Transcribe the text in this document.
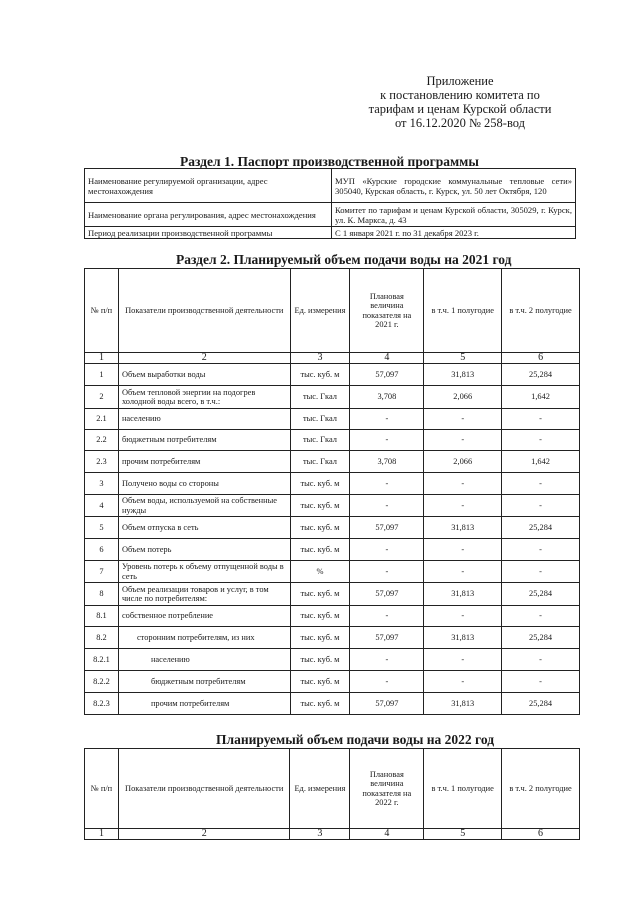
Приложение
к постановлению комитета по
тарифам и ценам Курской области
от 16.12.2020 № 258-вод
Раздел 1. Паспорт производственной программы
Наименование регулируемой организации, адрес местонахождения	МУП «Курские городские коммунальные тепловые сети» 305040, Курская область, г. Курск, ул. 50 лет Октября, 120
Наименование органа регулирования, адрес местонахождения	Комитет по тарифам и ценам Курской области, 305029, г. Курск, ул. К. Маркса, д. 43
Период реализации производственной программы	С 1 января 2021 г. по 31 декабря 2023 г.
Раздел 2. Планируемый объем подачи воды на 2021 год
№ п/п	Показатели производственной деятельности	Ед. измерения	Плановая величина показателя на 2021 г.	в т.ч. 1 полугодие	в т.ч. 2 полугодие
1	2	3	4	5	6
1	Объем выработки воды	тыс. куб. м	57,097	31,813	25,284
2	Объем тепловой энергии на подогрев холодной воды всего, в т.ч.:	тыс. Гкал	3,708	2,066	1,642
2.1	населению	тыс. Гкал	-	-	-
2.2	бюджетным потребителям	тыс. Гкал	-	-	-
2.3	прочим потребителям	тыс. Гкал	3,708	2,066	1,642
3	Получено воды со стороны	тыс. куб. м	-	-	-
4	Объем воды, используемой на собственные нужды	тыс. куб. м	-	-	-
5	Объем отпуска в сеть	тыс. куб. м	57,097	31,813	25,284
6	Объем потерь	тыс. куб. м	-	-	-
7	Уровень потерь к объему отпущенной воды в сеть	%	-	-	-
8	Объем реализации товаров и услуг, в том числе по потребителям:	тыс. куб. м	57,097	31,813	25,284
8.1	собственное потребление	тыс. куб. м	-	-	-
8.2	сторонним потребителям, из них	тыс. куб. м	57,097	31,813	25,284
8.2.1	населению	тыс. куб. м	-	-	-
8.2.2	бюджетным потребителям	тыс. куб. м	-	-	-
8.2.3	прочим потребителям	тыс. куб. м	57,097	31,813	25,284
Планируемый объем подачи воды на 2022 год
№ п/п	Показатели производственной деятельности	Ед. измерения	Плановая величина показателя на 2022 г.	в т.ч. 1 полугодие	в т.ч. 2 полугодие
1	2	3	4	5	6
